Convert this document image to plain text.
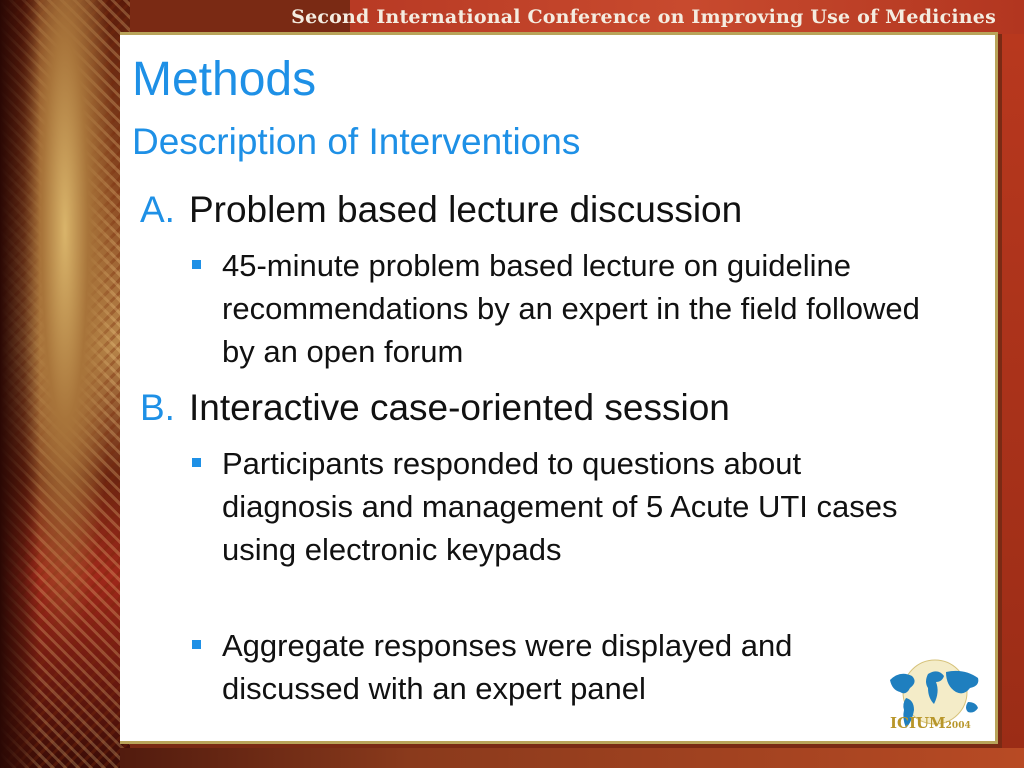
Second International Conference on Improving Use of Medicines
Methods
Description of Interventions
A. Problem based lecture discussion
45-minute problem based lecture on guideline recommendations by an expert in the field followed by an open forum
B. Interactive case-oriented session
Participants responded to questions about diagnosis and management of 5 Acute UTI cases using electronic keypads
Aggregate responses were displayed and discussed with an expert panel
ICIUM2004
